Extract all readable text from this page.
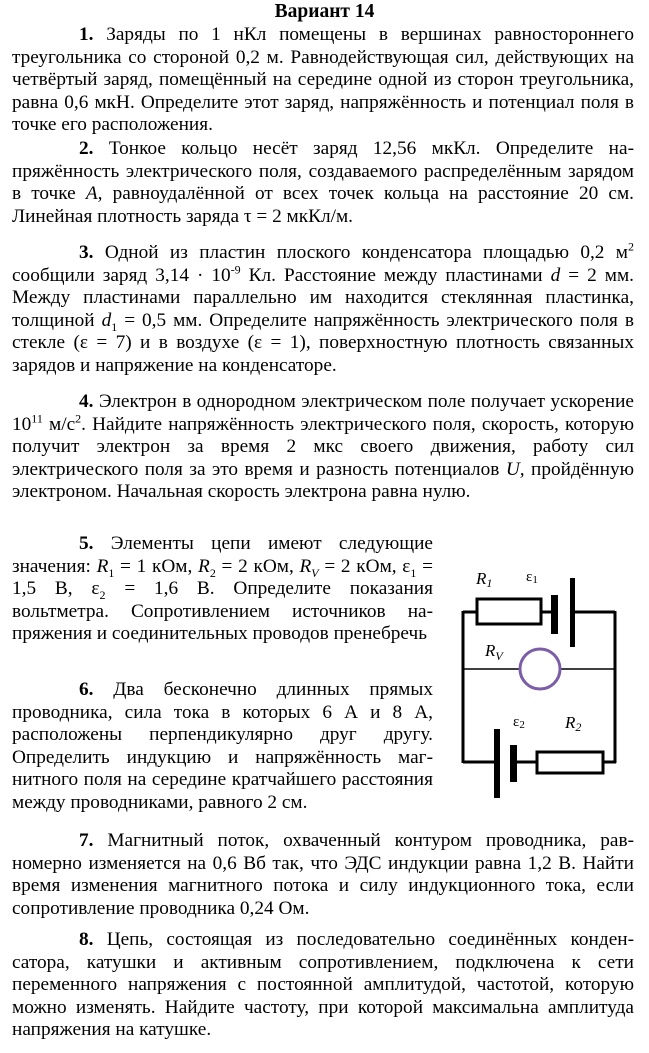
Вариант 14
1. Заряды по 1 нКл помещены в вершинах равностороннего треугольника со стороной 0,2 м. Равнодействующая сил, действующих на четвёртый заряд, помещённый на середине одной из сторон треугольника, равна 0,6 мкН. Определите этот заряд, напряжённость и потенциал поля в точке его расположения.
2. Тонкое кольцо несёт заряд 12,56 мкКл. Определите напряжённость электрического поля, создаваемого распределённым зарядом в точке A, равноудалённой от всех точек кольца на расстояние 20 см. Линейная плотность заряда τ = 2 мкКл/м.
3. Одной из пластин плоского конденсатора площадью 0,2 $м^2$ сообщили заряд $3,14 \cdot 10^{-9}$ Кл. Расстояние между пластинами d = 2 мм. Между пластинами параллельно им находится стеклянная пластинка, толщиной $d_1 = 0,5$ мм. Определите напряжённость электрического поля в стекле (ε = 7) и в воздухе (ε = 1), поверхностную плотность связанных зарядов и напряжение на конденсаторе.
4. Электрон в однородном электрическом поле получает ускорение $10^{11}$ $м/с^2$. Найдите напряжённость электрического поля, скорость, которую получит электрон за время 2 мкс своего движения, работу сил электрического поля за это время и разность потенциалов U, пройдённую электроном. Начальная скорость электрона равна нулю.
5. Элементы цепи имеют следующие значения: $R_1 = 1$ кОм, $R_2 = 2$ кОм, $R_V = 2$ кОм, $\varepsilon_1 = 1,5$ В, $\varepsilon_2 = 1,6$ В. Определите показания вольтметра. Сопротивлением источников напряжения и соединительных проводов пренебречь
6. Два бесконечно длинных прямых проводника, сила тока в которых 6 А и 8 А, расположены перпендикулярно друг другу. Определить индукцию и напряжённость магнитного поля на середине кратчайшего расстояния между проводниками, равного 2 см.
R1 ε1
$R_V$
ε2 R2
7. Магнитный поток, охваченный контуром проводника, равномерно изменяется на 0,6 Вб так, что ЭДС индукции равна 1,2 В. Найти время изменения магнитного потока и силу индукционного тока, если сопротивление проводника 0,24 Ом.
8. Цепь, состоящая из последовательно соединённых конденсатора, катушки и активным сопротивлением, подключена к сети переменного напряжения с постоянной амплитудой, частотой, которую можно изменять. Найдите частоту, при которой максимальна амплитуда напряжения на катушке.
